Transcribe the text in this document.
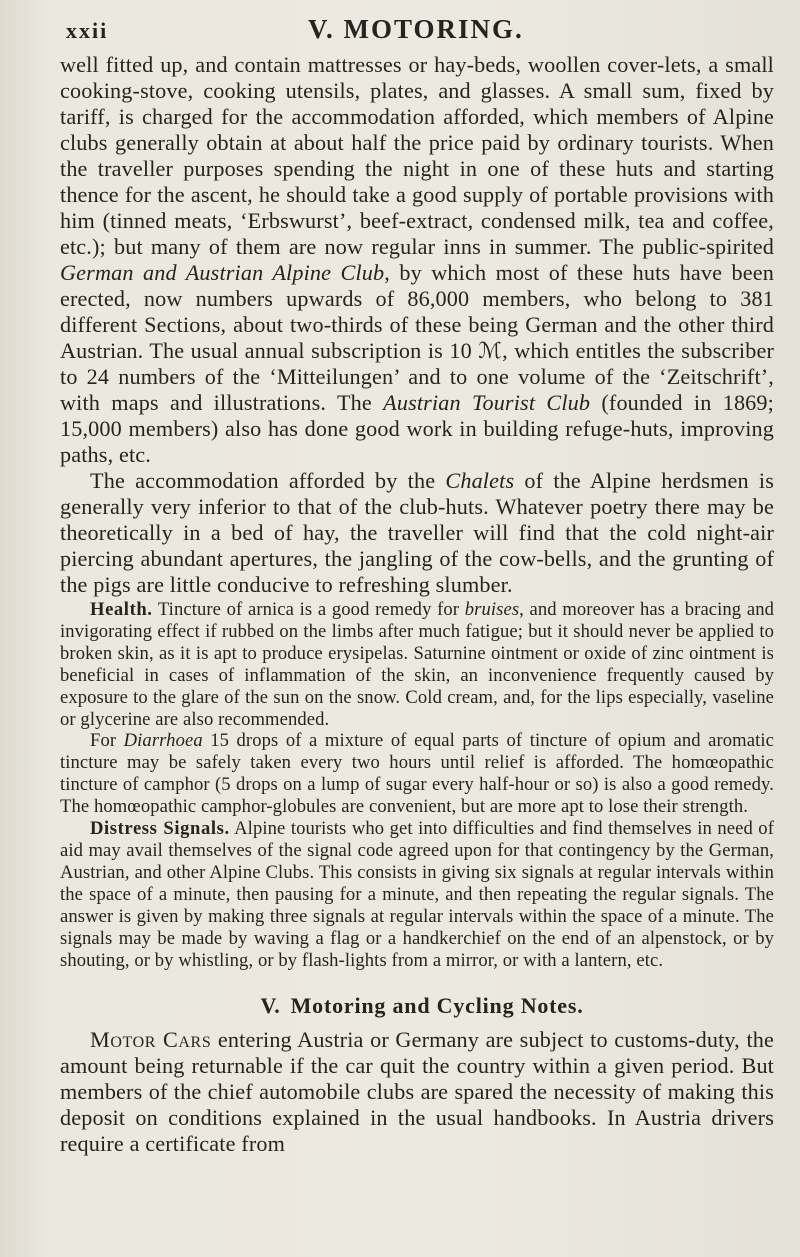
xxii	V. MOTORING.

well fitted up, and contain mattresses or hay-beds, woollen cover-lets, a small cooking-stove, cooking utensils, plates, and glasses. A small sum, fixed by tariff, is charged for the accommodation afforded, which members of Alpine clubs generally obtain at about half the price paid by ordinary tourists. When the traveller purposes spending the night in one of these huts and starting thence for the ascent, he should take a good supply of portable provisions with him (tinned meats, ‘Erbswurst’, beef-extract, condensed milk, tea and coffee, etc.); but many of them are now regular inns in summer. The public-spirited German and Austrian Alpine Club, by which most of these huts have been erected, now numbers upwards of 86,000 members, who belong to 381 different Sections, about two-thirds of these being German and the other third Austrian. The usual annual subscription is 10 ℳ, which entitles the subscriber to 24 numbers of the ‘Mitteilungen’ and to one volume of the ‘Zeitschrift’, with maps and illustrations. The Austrian Tourist Club (founded in 1869; 15,000 members) also has done good work in building refuge-huts, improving paths, etc.

The accommodation afforded by the Chalets of the Alpine herdsmen is generally very inferior to that of the club-huts. Whatever poetry there may be theoretically in a bed of hay, the traveller will find that the cold night-air piercing abundant apertures, the jangling of the cow-bells, and the grunting of the pigs are little conducive to refreshing slumber.

Health. Tincture of arnica is a good remedy for bruises, and moreover has a bracing and invigorating effect if rubbed on the limbs after much fatigue; but it should never be applied to broken skin, as it is apt to produce erysipelas. Saturnine ointment or oxide of zinc ointment is beneficial in cases of inflammation of the skin, an inconvenience frequently caused by exposure to the glare of the sun on the snow. Cold cream, and, for the lips especially, vaseline or glycerine are also recommended.

For Diarrhoea 15 drops of a mixture of equal parts of tincture of opium and aromatic tincture may be safely taken every two hours until relief is afforded. The homœopathic tincture of camphor (5 drops on a lump of sugar every half-hour or so) is also a good remedy. The homœopathic camphor-globules are convenient, but are more apt to lose their strength.

Distress Signals. Alpine tourists who get into difficulties and find themselves in need of aid may avail themselves of the signal code agreed upon for that contingency by the German, Austrian, and other Alpine Clubs. This consists in giving six signals at regular intervals within the space of a minute, then pausing for a minute, and then repeating the regular signals. The answer is given by making three signals at regular intervals within the space of a minute. The signals may be made by waving a flag or a handkerchief on the end of an alpenstock, or by shouting, or by whistling, or by flash-lights from a mirror, or with a lantern, etc.

V. Motoring and Cycling Notes.

Motor Cars entering Austria or Germany are subject to customs-duty, the amount being returnable if the car quit the country within a given period. But members of the chief automobile clubs are spared the necessity of making this deposit on conditions explained in the usual handbooks. In Austria drivers require a certificate from
